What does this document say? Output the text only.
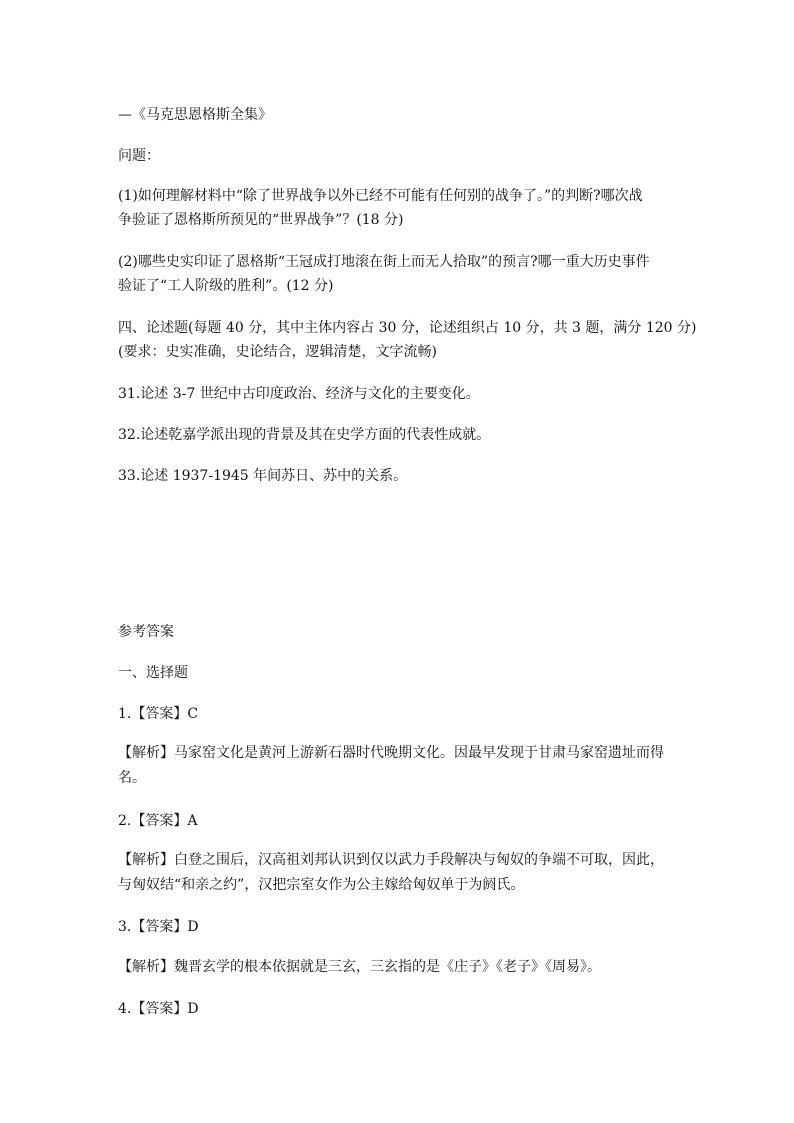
—《马克思恩格斯全集》

问题：

(1)如何理解材料中“除了世界战争以外已经不可能有任何别的战争了。”的判断?哪次战

争验证了恩格斯所预见的“世界战争”？(18 分)

(2)哪些史实印证了恩格斯“王冠成打地滚在街上而无人拾取”的预言?哪一重大历史事件

验证了“工人阶级的胜利”。(12 分)

四、论述题(每题 40 分，其中主体内容占 30 分，论述组织占 10 分，共 3 题，满分 120 分)

(要求：史实准确，史论结合，逻辑清楚，文字流畅)

31.论述 3-7 世纪中古印度政治、经济与文化的主要变化。

32.论述乾嘉学派出现的背景及其在史学方面的代表性成就。

33.论述 1937-1945 年间苏日、苏中的关系。

参考答案

一、选择题

1.【答案】C

【解析】马家窑文化是黄河上游新石器时代晚期文化。因最早发现于甘肃马家窑遗址而得

名。

2.【答案】A

【解析】白登之围后，汉高祖刘邦认识到仅以武力手段解决与匈奴的争端不可取，因此，

与匈奴结“和亲之约”，汉把宗室女作为公主嫁给匈奴单于为阏氏。

3.【答案】D

【解析】魏晋玄学的根本依据就是三玄，三玄指的是《庄子》《老子》《周易》。

4.【答案】D
